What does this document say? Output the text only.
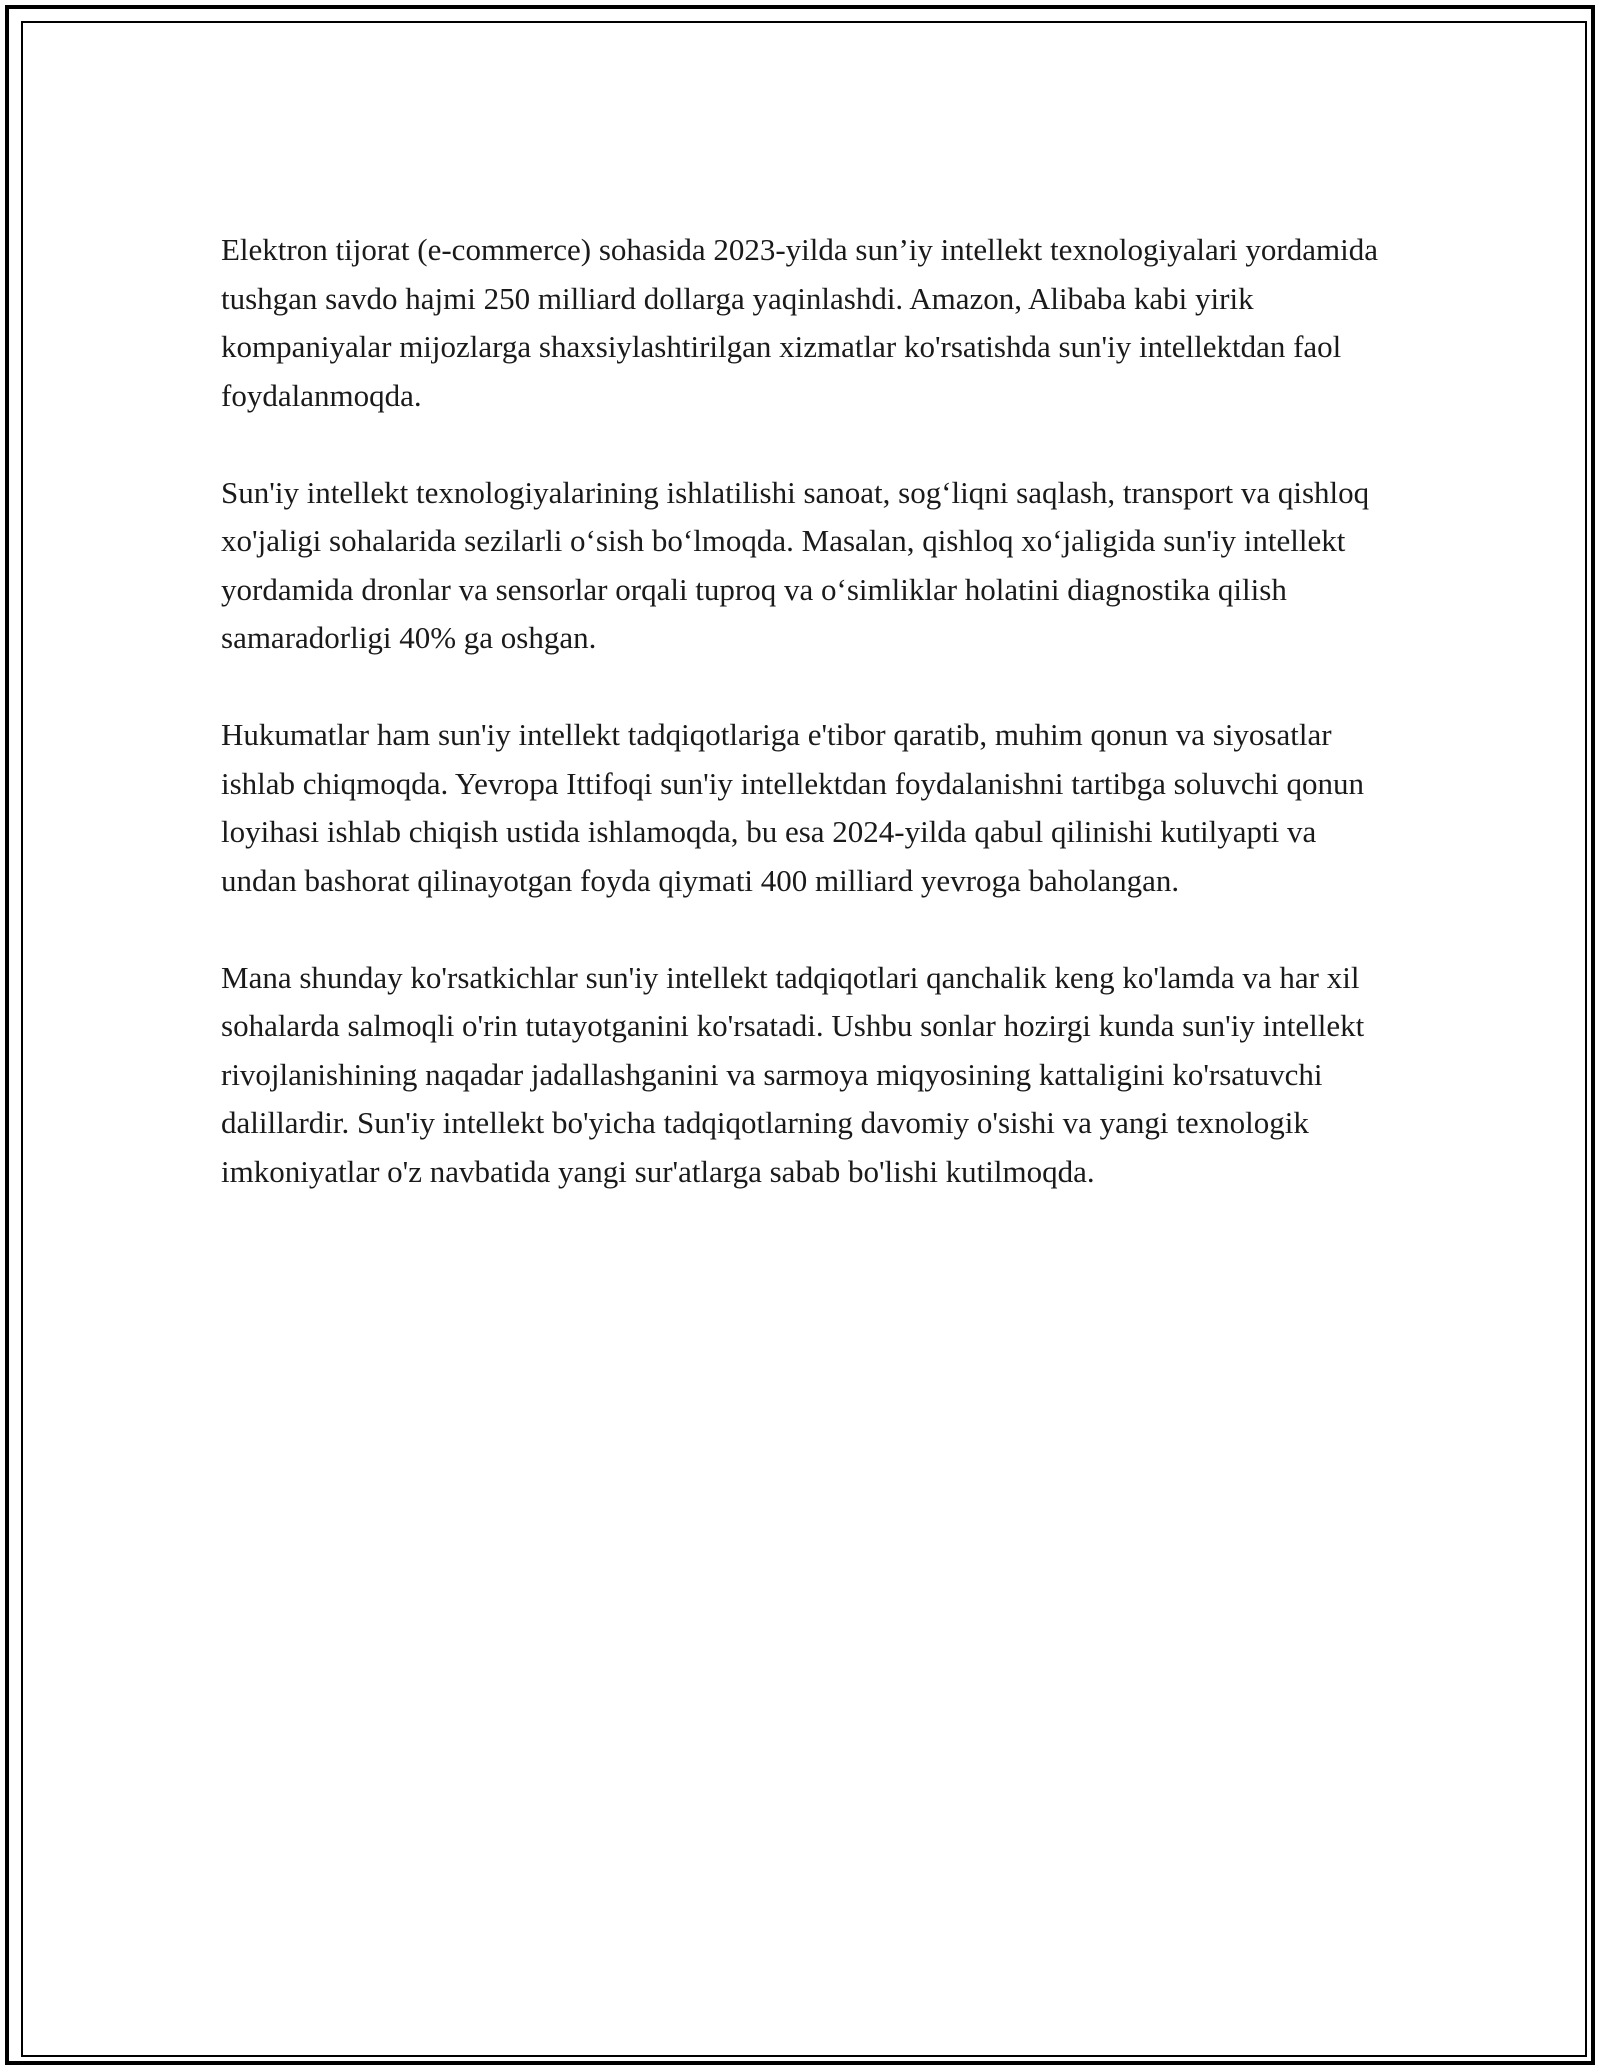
Elektron tijorat (e-commerce) sohasida 2023-yilda sun’iy intellekt texnologiyalari yordamida tushgan savdo hajmi 250 milliard dollarga yaqinlashdi. Amazon, Alibaba kabi yirik kompaniyalar mijozlarga shaxsiylashtirilgan xizmatlar ko'rsatishda sun'iy intellektdan faol foydalanmoqda.

Sun'iy intellekt texnologiyalarining ishlatilishi sanoat, sog‘liqni saqlash, transport va qishloq xo'jaligi sohalarida sezilarli o‘sish bo‘lmoqda. Masalan, qishloq xo‘jaligida sun'iy intellekt yordamida dronlar va sensorlar orqali tuproq va o‘simliklar holatini diagnostika qilish samaradorligi 40% ga oshgan.

Hukumatlar ham sun'iy intellekt tadqiqotlariga e'tibor qaratib, muhim qonun va siyosatlar ishlab chiqmoqda. Yevropa Ittifoqi sun'iy intellektdan foydalanishni tartibga soluvchi qonun loyihasi ishlab chiqish ustida ishlamoqda, bu esa 2024-yilda qabul qilinishi kutilyapti va undan bashorat qilinayotgan foyda qiymati 400 milliard yevroga baholangan.

Mana shunday ko'rsatkichlar sun'iy intellekt tadqiqotlari qanchalik keng ko'lamda va har xil sohalarda salmoqli o'rin tutayotganini ko'rsatadi. Ushbu sonlar hozirgi kunda sun'iy intellekt rivojlanishining naqadar jadallashganini va sarmoya miqyosining kattaligini ko'rsatuvchi dalillardir. Sun'iy intellekt bo'yicha tadqiqotlarning davomiy o'sishi va yangi texnologik imkoniyatlar o'z navbatida yangi sur'atlarga sabab bo'lishi kutilmoqda.
